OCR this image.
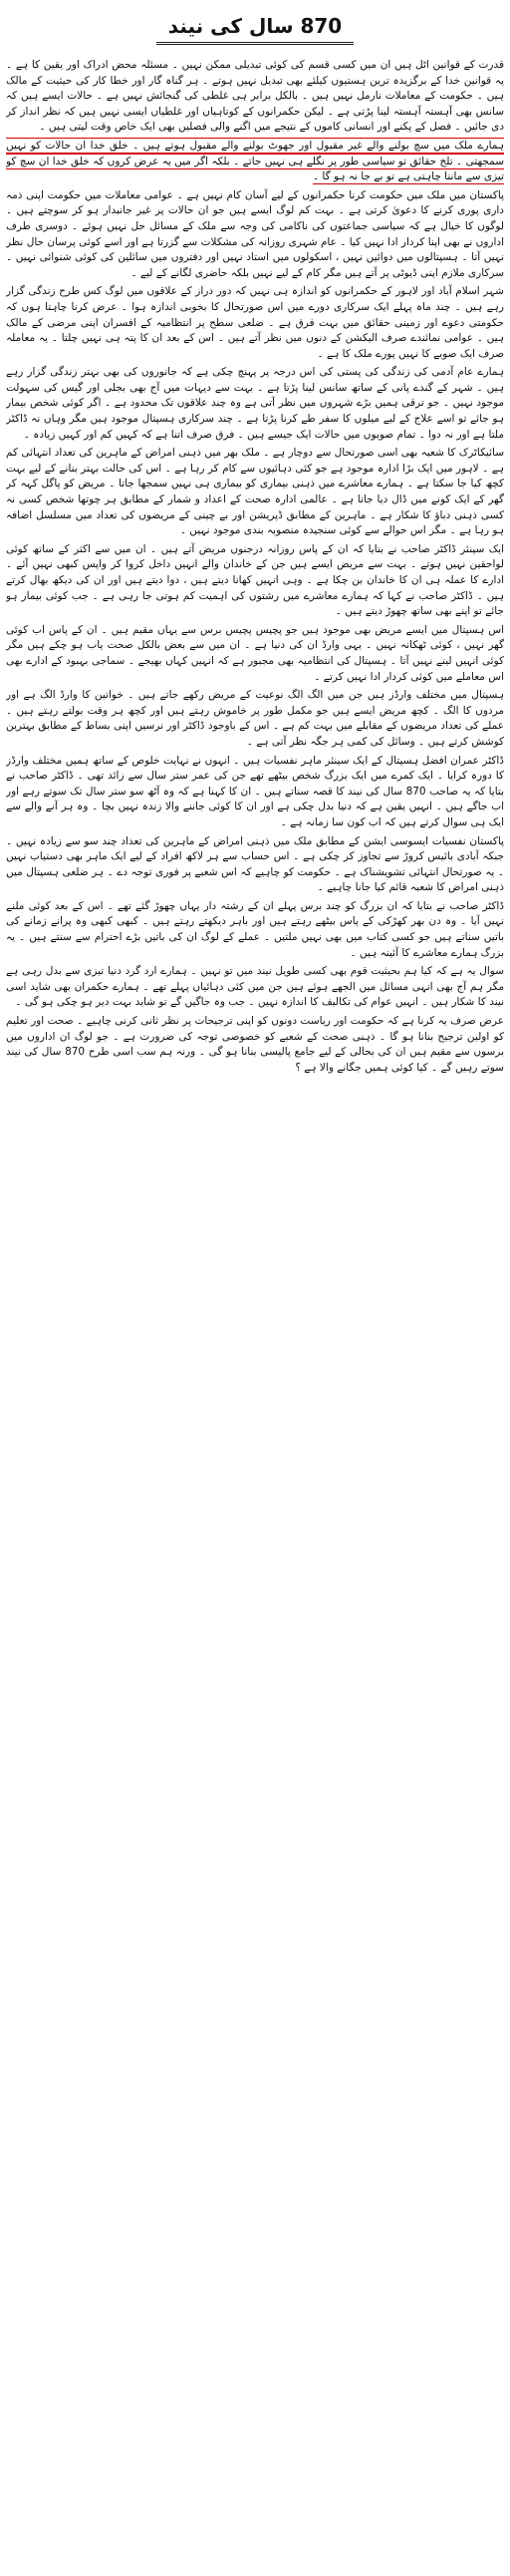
870 سال کی نیند

قدرت کے قوانین اٹل ہیں ان میں کسی قسم کی کوئی تبدیلی ممکن نہیں ۔ مسئلہ محض ادراک اور یقین کا ہے ۔ یہ قوانین خدا کے برگزیدہ ترین ہستیوں کیلئے بھی تبدیل نہیں ہوتے ۔ ہر گناہ گار اور خطا کار کی حیثیت کے مالک ہیں ۔ حکومت کے معاملات نارمل نہیں ہیں ۔ بالکل برابر ہی غلطی کی گنجائش نہیں ہے ۔ حالات ایسے ہیں کہ سانس بھی آہستہ آہستہ لینا پڑتی ہے ۔ لیکن حکمرانوں کے کوتاہیاں اور غلطیاں ایسی نہیں ہیں کہ نظر انداز کر دی جائیں ۔ فصل کے پکنے اور انسانی کاموں کے نتیجے میں اگنے والی فصلیں بھی ایک خاص وقت لیتی ہیں ۔

ہمارے ملک میں سچ بولنے والے غیر مقبول اور جھوٹ بولنے والے مقبول ہوتے ہیں ۔ خلق خدا ان حالات کو نہیں سمجھتی ۔ تلخ حقائق تو سیاسی طور پر نگلے ہی نہیں جاتے ۔ بلکہ اگر میں یہ عرض کروں کہ خلق خدا ان سچ کو تیزی سے ماننا چاہتی ہے تو بے جا نہ ہو گا ۔

پاکستان میں ملک میں حکومت کرنا حکمرانوں کے لیے آسان کام نہیں ہے ۔ عوامی معاملات میں حکومت اپنی ذمہ داری پوری کرنے کا دعویٰ کرتی ہے ۔ بہت کم لوگ ایسے ہیں جو ان حالات پر غیر جانبدار ہو کر سوچتے ہیں ۔ لوگوں کا خیال ہے کہ سیاسی جماعتوں کی ناکامی کی وجہ سے ملک کے مسائل حل نہیں ہوئے ۔ دوسری طرف اداروں نے بھی اپنا کردار ادا نہیں کیا ۔ عام شہری روزانہ کی مشکلات سے گزرتا ہے اور اسے کوئی پرسان حال نظر نہیں آتا ۔ ہسپتالوں میں دوائیں نہیں ، اسکولوں میں استاد نہیں اور دفتروں میں سائلین کی کوئی شنوائی نہیں ۔ سرکاری ملازم اپنی ڈیوٹی پر آتے ہیں مگر کام کے لیے نہیں بلکہ حاضری لگانے کے لیے ۔

شہر اسلام آباد اور لاہور کے حکمرانوں کو اندازہ ہی نہیں کہ دور دراز کے علاقوں میں لوگ کس طرح زندگی گزار رہے ہیں ۔ چند ماہ پہلے ایک سرکاری دورے میں اس صورتحال کا بخوبی اندازہ ہوا ۔ عرض کرنا چاہتا ہوں کہ حکومتی دعوے اور زمینی حقائق میں بہت فرق ہے ۔ ضلعی سطح پر انتظامیہ کے افسران اپنی مرضی کے مالک ہیں ۔ عوامی نمائندے صرف الیکشن کے دنوں میں نظر آتے ہیں ۔ اس کے بعد ان کا پتہ ہی نہیں چلتا ۔ یہ معاملہ صرف ایک صوبے کا نہیں پورے ملک کا ہے ۔

ہمارے عام آدمی کی زندگی کی پستی کی اس درجہ پر پہنچ چکی ہے کہ جانوروں کی بھی بہتر زندگی گزار رہے ہیں ۔ شہر کے گندے پانی کے ساتھ سانس لینا پڑتا ہے ۔ بہت سے دیہات میں آج بھی بجلی اور گیس کی سہولت موجود نہیں ۔ جو ترقی ہمیں بڑے شہروں میں نظر آتی ہے وہ چند علاقوں تک محدود ہے ۔ اگر کوئی شخص بیمار ہو جائے تو اسے علاج کے لیے میلوں کا سفر طے کرنا پڑتا ہے ۔ چند سرکاری ہسپتال موجود ہیں مگر وہاں نہ ڈاکٹر ملتا ہے اور نہ دوا ۔ تمام صوبوں میں حالات ایک جیسے ہیں ۔ فرق صرف اتنا ہے کہ کہیں کم اور کہیں زیادہ ۔

سائیکاٹرک کا شعبہ بھی اسی صورتحال سے دوچار ہے ۔ ملک بھر میں ذہنی امراض کے ماہرین کی تعداد انتہائی کم ہے ۔ لاہور میں ایک بڑا ادارہ موجود ہے جو کئی دہائیوں سے کام کر رہا ہے ۔ اس کی حالت بہتر بنانے کے لیے بہت کچھ کیا جا سکتا ہے ۔ ہمارے معاشرے میں ذہنی بیماری کو بیماری ہی نہیں سمجھا جاتا ۔ مریض کو پاگل کہہ کر گھر کے ایک کونے میں ڈال دیا جاتا ہے ۔ عالمی ادارہ صحت کے اعداد و شمار کے مطابق ہر چوتھا شخص کسی نہ کسی ذہنی دباؤ کا شکار ہے ۔ ماہرین کے مطابق ڈپریشن اور بے چینی کے مریضوں کی تعداد میں مسلسل اضافہ ہو رہا ہے ۔ مگر اس حوالے سے کوئی سنجیدہ منصوبہ بندی موجود نہیں ۔

ایک سینئر ڈاکٹر صاحب نے بتایا کہ ان کے پاس روزانہ درجنوں مریض آتے ہیں ۔ ان میں سے اکثر کے ساتھ کوئی لواحقین نہیں ہوتے ۔ بہت سے مریض ایسے ہیں جن کے خاندان والے انہیں داخل کروا کر واپس کبھی نہیں آئے ۔ ادارے کا عملہ ہی ان کا خاندان بن چکا ہے ۔ وہی انہیں کھانا دیتے ہیں ، دوا دیتے ہیں اور ان کی دیکھ بھال کرتے ہیں ۔ ڈاکٹر صاحب نے کہا کہ ہمارے معاشرے میں رشتوں کی اہمیت کم ہوتی جا رہی ہے ۔ جب کوئی بیمار ہو جائے تو اپنے بھی ساتھ چھوڑ دیتے ہیں ۔

اس ہسپتال میں ایسے مریض بھی موجود ہیں جو پچیس پچیس برس سے یہاں مقیم ہیں ۔ ان کے پاس اب کوئی گھر نہیں ، کوئی ٹھکانہ نہیں ۔ یہی وارڈ ان کی دنیا ہے ۔ ان میں سے بعض بالکل صحت یاب ہو چکے ہیں مگر کوئی انہیں لینے نہیں آتا ۔ ہسپتال کی انتظامیہ بھی مجبور ہے کہ انہیں کہاں بھیجے ۔ سماجی بہبود کے ادارے بھی اس معاملے میں کوئی کردار ادا نہیں کرتے ۔

ہسپتال میں مختلف وارڈز ہیں جن میں الگ الگ نوعیت کے مریض رکھے جاتے ہیں ۔ خواتین کا وارڈ الگ ہے اور مردوں کا الگ ۔ کچھ مریض ایسے ہیں جو مکمل طور پر خاموش رہتے ہیں اور کچھ ہر وقت بولتے رہتے ہیں ۔ عملے کی تعداد مریضوں کے مقابلے میں بہت کم ہے ۔ اس کے باوجود ڈاکٹر اور نرسیں اپنی بساط کے مطابق بہترین کوشش کرتے ہیں ۔ وسائل کی کمی ہر جگہ نظر آتی ہے ۔

ڈاکٹر عمران افضل ہسپتال کے ایک سینئر ماہر نفسیات ہیں ۔ انہوں نے نہایت خلوص کے ساتھ ہمیں مختلف وارڈز کا دورہ کرایا ۔ ایک کمرے میں ایک بزرگ شخص بیٹھے تھے جن کی عمر ستر سال سے زائد تھی ۔ ڈاکٹر صاحب نے بتایا کہ یہ صاحب 870 سال کی نیند کا قصہ سناتے ہیں ۔ ان کا کہنا ہے کہ وہ آٹھ سو ستر سال تک سوتے رہے اور اب جاگے ہیں ۔ انہیں یقین ہے کہ دنیا بدل چکی ہے اور ان کا کوئی جاننے والا زندہ نہیں بچا ۔ وہ ہر آنے والے سے ایک ہی سوال کرتے ہیں کہ اب کون سا زمانہ ہے ۔

پاکستان نفسیات ایسوسی ایشن کے مطابق ملک میں ذہنی امراض کے ماہرین کی تعداد چند سو سے زیادہ نہیں ۔ جبکہ آبادی بائیس کروڑ سے تجاوز کر چکی ہے ۔ اس حساب سے ہر لاکھ افراد کے لیے ایک ماہر بھی دستیاب نہیں ۔ یہ صورتحال انتہائی تشویشناک ہے ۔ حکومت کو چاہیے کہ اس شعبے پر فوری توجہ دے ۔ ہر ضلعی ہسپتال میں ذہنی امراض کا شعبہ قائم کیا جانا چاہیے ۔

ڈاکٹر صاحب نے بتایا کہ ان بزرگ کو چند برس پہلے ان کے رشتہ دار یہاں چھوڑ گئے تھے ۔ اس کے بعد کوئی ملنے نہیں آیا ۔ وہ دن بھر کھڑکی کے پاس بیٹھے رہتے ہیں اور باہر دیکھتے رہتے ہیں ۔ کبھی کبھی وہ پرانے زمانے کی باتیں سناتے ہیں جو کسی کتاب میں بھی نہیں ملتیں ۔ عملے کے لوگ ان کی باتیں بڑے احترام سے سنتے ہیں ۔ یہ بزرگ ہمارے معاشرے کا آئینہ ہیں ۔

سوال یہ ہے کہ کیا ہم بحیثیت قوم بھی کسی طویل نیند میں تو نہیں ۔ ہمارے ارد گرد دنیا تیزی سے بدل رہی ہے مگر ہم آج بھی انہی مسائل میں الجھے ہوئے ہیں جن میں کئی دہائیاں پہلے تھے ۔ ہمارے حکمران بھی شاید اسی نیند کا شکار ہیں ۔ انہیں عوام کی تکالیف کا اندازہ نہیں ۔ جب وہ جاگیں گے تو شاید بہت دیر ہو چکی ہو گی ۔

عرض صرف یہ کرنا ہے کہ حکومت اور ریاست دونوں کو اپنی ترجیحات پر نظر ثانی کرنی چاہیے ۔ صحت اور تعلیم کو اولین ترجیح بنانا ہو گا ۔ ذہنی صحت کے شعبے کو خصوصی توجہ کی ضرورت ہے ۔ جو لوگ ان اداروں میں برسوں سے مقیم ہیں ان کی بحالی کے لیے جامع پالیسی بنانا ہو گی ۔ ورنہ ہم سب اسی طرح 870 سال کی نیند سوتے رہیں گے ۔ کیا کوئی ہمیں جگانے والا ہے ؟
